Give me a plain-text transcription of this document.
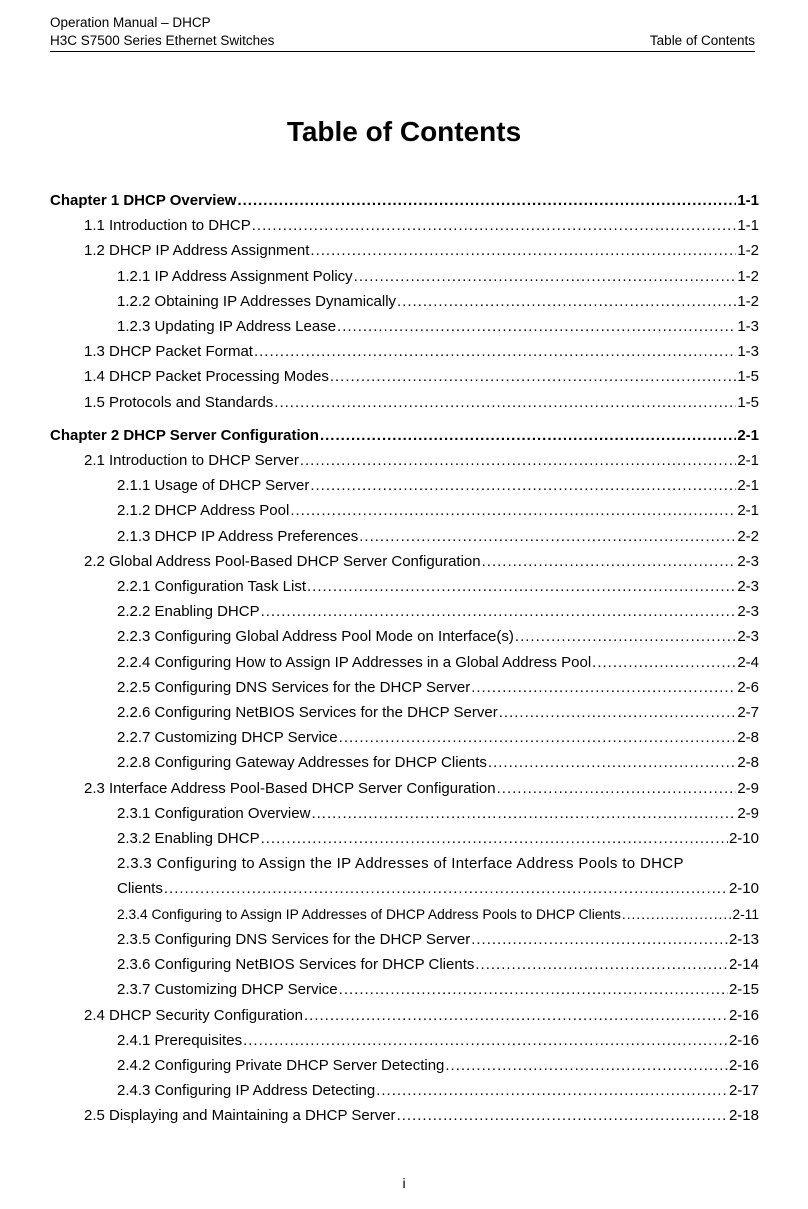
Operation Manual – DHCP
H3C S7500 Series Ethernet Switches	Table of Contents
Table of Contents
Chapter 1 DHCP Overview .....	1-1
1.1 Introduction to DHCP .....	1-1
1.2 DHCP IP Address Assignment .....	1-2
1.2.1 IP Address Assignment Policy .....	1-2
1.2.2 Obtaining IP Addresses Dynamically .....	1-2
1.2.3 Updating IP Address Lease .....	1-3
1.3 DHCP Packet Format .....	1-3
1.4 DHCP Packet Processing Modes .....	1-5
1.5 Protocols and Standards .....	1-5
Chapter 2 DHCP Server Configuration .....	2-1
2.1 Introduction to DHCP Server .....	2-1
2.1.1 Usage of DHCP Server .....	2-1
2.1.2 DHCP Address Pool .....	2-1
2.1.3 DHCP IP Address Preferences .....	2-2
2.2 Global Address Pool-Based DHCP Server Configuration .....	2-3
2.2.1 Configuration Task List .....	2-3
2.2.2 Enabling DHCP .....	2-3
2.2.3 Configuring Global Address Pool Mode on Interface(s) .....	2-3
2.2.4 Configuring How to Assign IP Addresses in a Global Address Pool .....	2-4
2.2.5 Configuring DNS Services for the DHCP Server .....	2-6
2.2.6 Configuring NetBIOS Services for the DHCP Server .....	2-7
2.2.7 Customizing DHCP Service .....	2-8
2.2.8 Configuring Gateway Addresses for DHCP Clients .....	2-8
2.3 Interface Address Pool-Based DHCP Server Configuration .....	2-9
2.3.1 Configuration Overview .....	2-9
2.3.2 Enabling DHCP .....	2-10
2.3.3 Configuring to Assign the IP Addresses of Interface Address Pools to DHCP
Clients .....	2-10
2.3.4 Configuring to Assign IP Addresses of DHCP Address Pools to DHCP Clients .....	2-11
2.3.5 Configuring DNS Services for the DHCP Server .....	2-13
2.3.6 Configuring NetBIOS Services for DHCP Clients .....	2-14
2.3.7 Customizing DHCP Service .....	2-15
2.4 DHCP Security Configuration .....	2-16
2.4.1 Prerequisites .....	2-16
2.4.2 Configuring Private DHCP Server Detecting .....	2-16
2.4.3 Configuring IP Address Detecting .....	2-17
2.5 Displaying and Maintaining a DHCP Server .....	2-18
i
